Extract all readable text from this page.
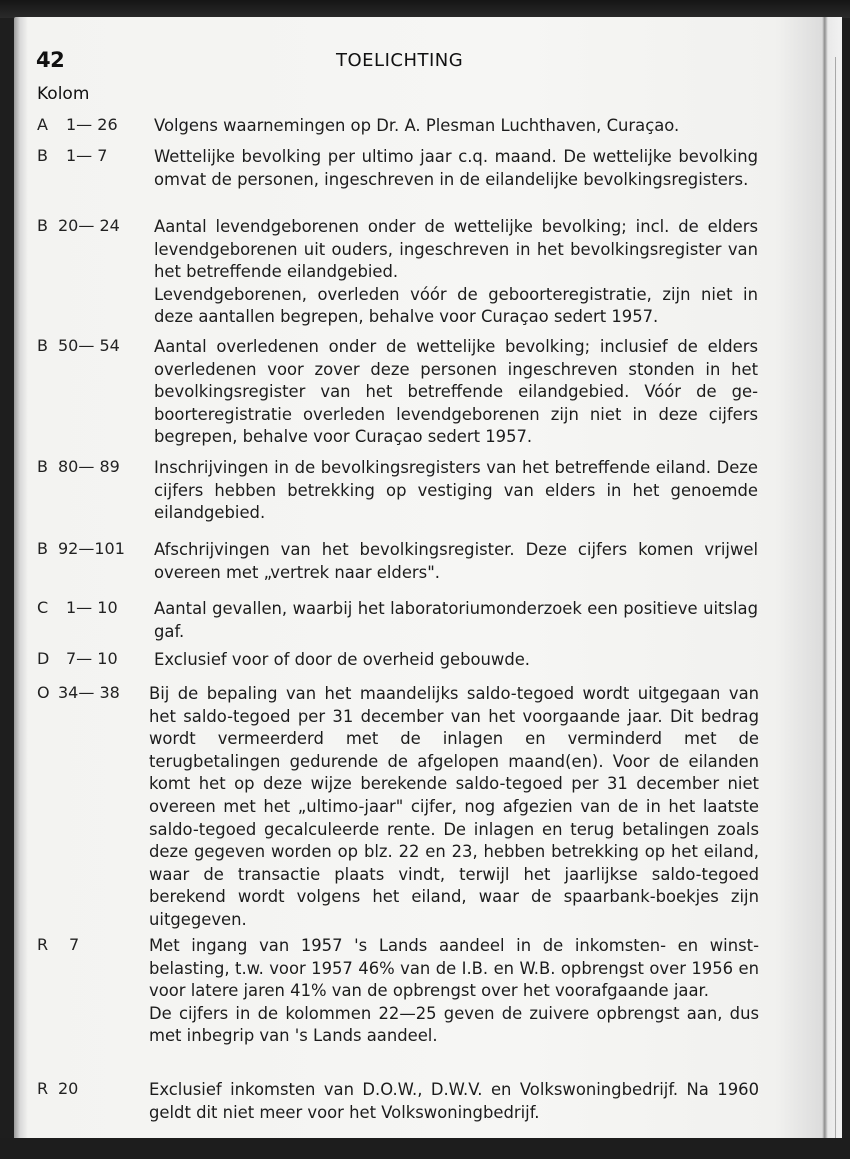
42	TOELICHTING
Kolom
A 1— 26 Volgens waarnemingen op Dr. A. Plesman Luchthaven, Curaçao.

B 1— 7	Wettelijke bevolking per ultimo jaar c.q. maand. De wettelijke bevolking omvat de personen, ingeschreven in de eilandelijke bevolkingsregisters.

B 20— 24 Aantal levendgeborenen onder de wettelijke bevolking; incl. de elders levendgeborenen uit ouders, ingeschreven in het bevolkingsregister van het betreffende eilandgebied.

Levendgeborenen, overleden vóór de geboorteregistratie, zijn niet in deze aantallen begrepen, behalve voor Curaçao sedert 1957.

B 50— 54 Aantal overledenen onder de wettelijke bevolking; inclusief de elders overledenen voor zover deze personen ingeschreven stonden in het bevolkingsregister van het betreffende eilandgebied. Vóór de geboorteregistratie overleden levendgeborenen zijn niet in deze cijfers begrepen, behalve voor Curaçao sedert 1957.

B 80— 89 Inschrijvingen in de bevolkingsregisters van het betreffende eiland. Deze cijfers hebben betrekking op vestiging van elders in het genoemde eilandgebied.

B 92—101 Afschrijvingen van het bevolkingsregister. Deze cijfers komen vrijwel overeen met „vertrek naar elders".

C 1— 10 Aantal gevallen, waarbij het laboratoriumonderzoek een positieve uitslag gaf.

D 7— 10 Exclusief voor of door de overheid gebouwde.

O 34— 38 Bij de bepaling van het maandelijks saldo-tegoed wordt uitgegaan van het saldo-tegoed per 31 december van het voorgaande jaar. Dit bedrag wordt vermeerderd met de inlagen en verminderd met de terugbetalingen gedurende de afgelopen maand(en). Voor de eilanden komt het op deze wijze berekende saldo-tegoed per 31 december niet overeen met het „ultimo-jaar" cijfer, nog afgezien van de in het laatste saldo-tegoed gecalculeerde rente. De inlagen en terug betalingen zoals deze gegeven worden op blz. 22 en 23, hebben betrekking op het eiland, waar de transactie plaats vindt, terwijl het jaarlijkse saldo-tegoed berekend wordt volgens het eiland, waar de spaarbank-boekjes zijn uitgegeven.

R 7	Met ingang van 1957 's Lands aandeel in de inkomsten- en winstbelasting, t.w. voor 1957 46% van de I.B. en W.B. opbrengst over 1956 en voor latere jaren 41% van de opbrengst over het voorafgaande jaar.

De cijfers in de kolommen 22—25 geven de zuivere opbrengst aan, dus met inbegrip van 's Lands aandeel.

R 20	Exclusief inkomsten van D.O.W., D.W.V. en Volkswoningbedrijf. Na 1960 geldt dit niet meer voor het Volkswoningbedrijf.
